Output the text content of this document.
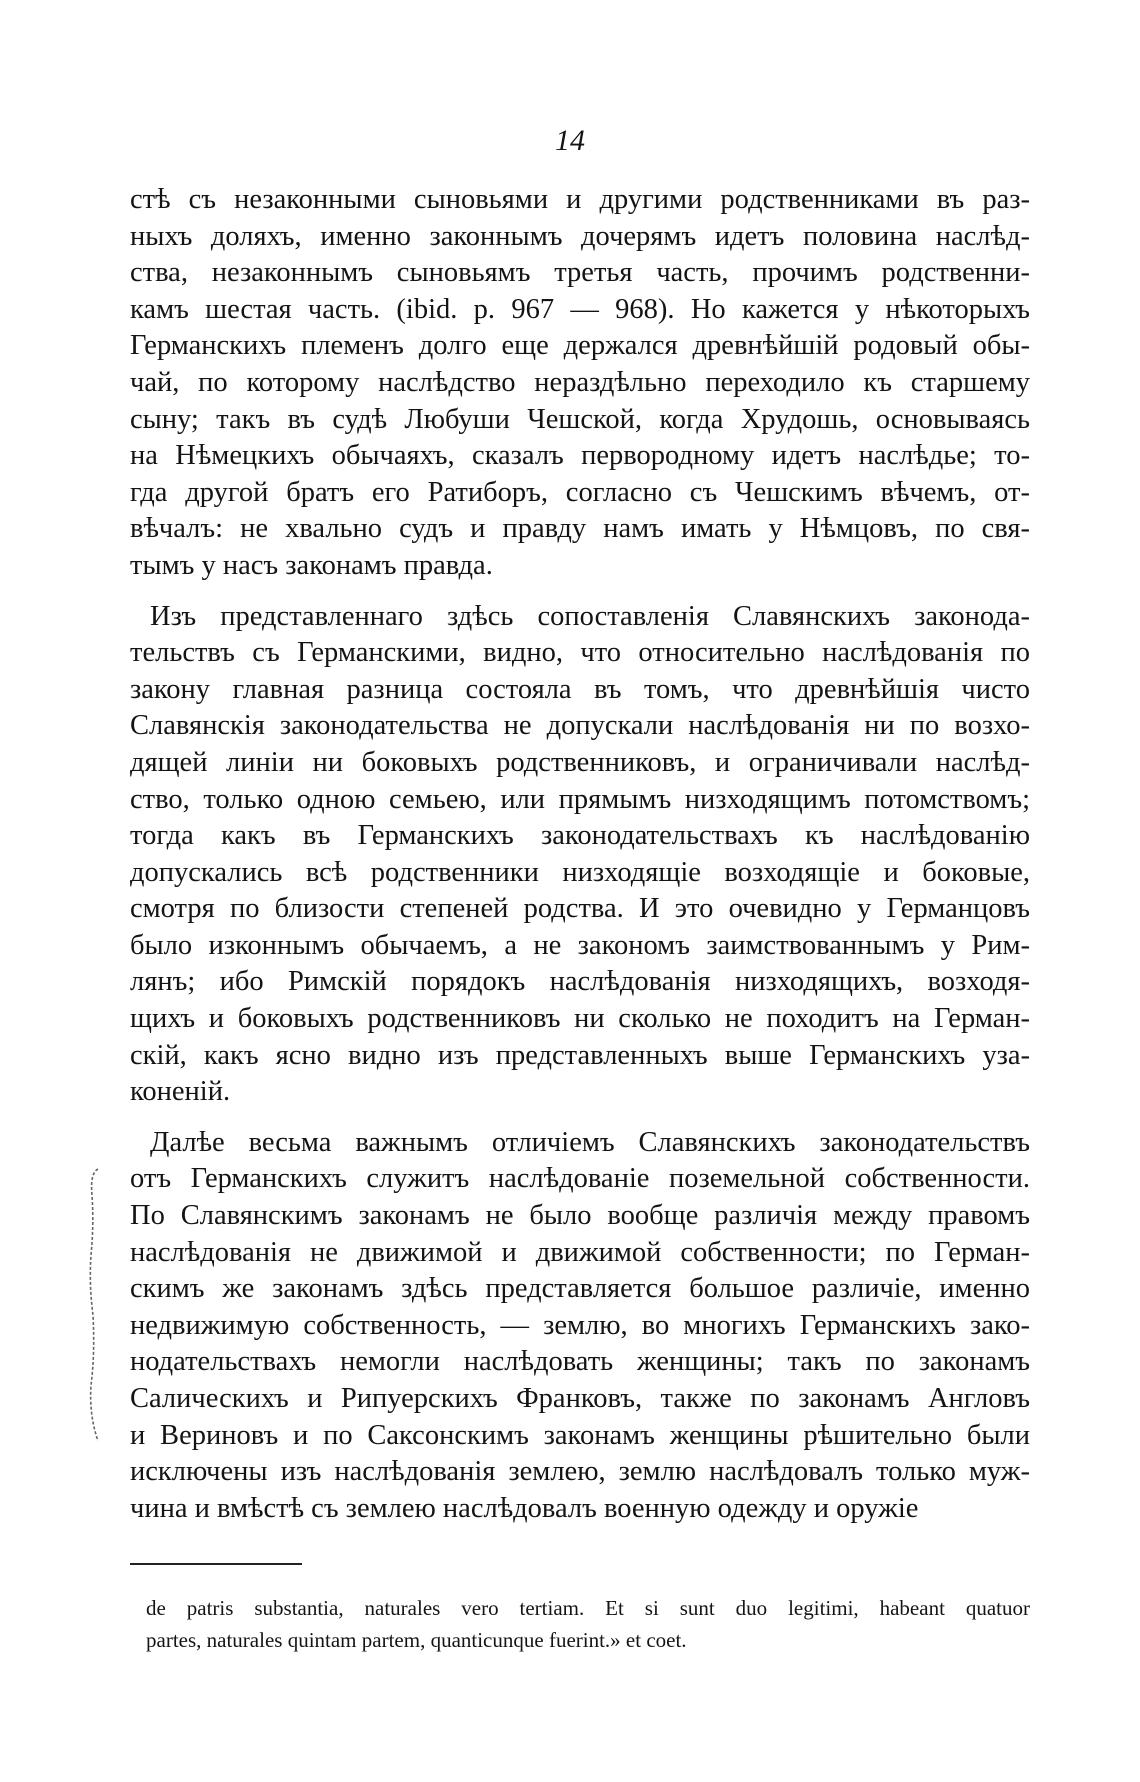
14
стѣ съ незаконными сыновьями и другими родственниками въ раз-
ныхъ доляхъ, именно законнымъ дочерямъ идетъ половина наслѣд-
ства, незаконнымъ сыновьямъ третья часть, прочимъ родственни-
камъ шестая часть. (ibid. p. 967 — 968). Но кажется у нѣкоторыхъ
Германскихъ племенъ долго еще держался древнѣйшій родовый обы-
чай, по которому наслѣдство нераздѣльно переходило къ старшему
сыну; такъ въ судѣ Любуши Чешской, когда Хрудошь, основываясь
на Нѣмецкихъ обычаяхъ, сказалъ первородному идетъ наслѣдье; то-
гда другой братъ его Ратиборъ, согласно съ Чешскимъ вѣчемъ, от-
вѣчалъ: не хвально судъ и правду намъ имать у Нѣмцовъ, по свя-
тымъ у насъ законамъ правда.
Изъ представленнаго здѣсь сопоставленія Славянскихъ законода-
тельствъ съ Германскими, видно, что относительно наслѣдованія по
закону главная разница состояла въ томъ, что древнѣйшія чисто
Славянскія законодательства не допускали наслѣдованія ни по возхо-
дящей линіи ни боковыхъ родственниковъ, и ограничивали наслѣд-
ство, только одною семьею, или прямымъ низходящимъ потомствомъ;
тогда какъ въ Германскихъ законодательствахъ къ наслѣдованію
допускались всѣ родственники низходящіе возходящіе и боковые,
смотря по близости степеней родства. И это очевидно у Германцовъ
было изконнымъ обычаемъ, а не закономъ заимствованнымъ у Рим-
лянъ; ибо Римскій порядокъ наслѣдованія низходящихъ, возходя-
щихъ и боковыхъ родственниковъ ни сколько не походитъ на Герман-
скій, какъ ясно видно изъ представленныхъ выше Германскихъ уза-
коненій.
Далѣе весьма важнымъ отличіемъ Славянскихъ законодательствъ
отъ Германскихъ служитъ наслѣдованіе поземельной собственности.
По Славянскимъ законамъ не было вообще различія между правомъ
наслѣдованія не движимой и движимой собственности; по Герман-
скимъ же законамъ здѣсь представляется большое различіе, именно
недвижимую собственность, — землю, во многихъ Германскихъ зако-
нодательствахъ немогли наслѣдовать женщины; такъ по законамъ
Салическихъ и Рипуерскихъ Франковъ, также по законамъ Англовъ
и Вериновъ и по Саксонскимъ законамъ женщины рѣшительно были
исключены изъ наслѣдованія землею, землю наслѣдовалъ только муж-
чина и вмѣстѣ съ землею наслѣдовалъ военную одежду и оружіе
de patris substantia, naturales vero tertiam. Et si sunt duo legitimi, habeant quatuor
partes, naturales quintam partem, quanticunque fuerint.» et coet.
